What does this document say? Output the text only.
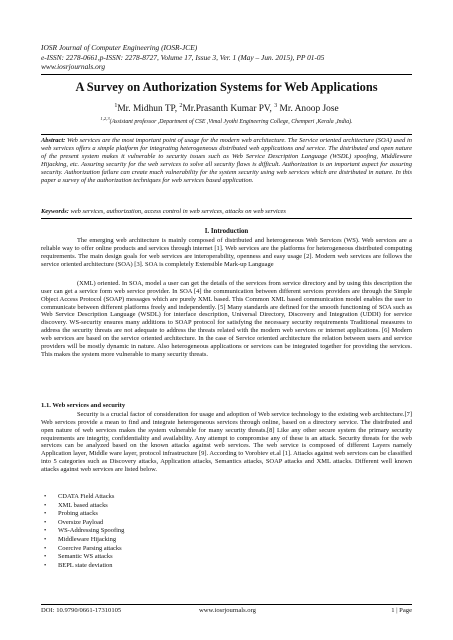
IOSR Journal of Computer Engineering (IOSR-JCE)
e-ISSN: 2278-0661,p-ISSN: 2278-8727, Volume 17, Issue 3, Ver. 1 (May – Jun. 2015), PP 01-05
www.iosrjournals.org
A Survey on Authorization Systems for Web Applications
$^1$Mr. Midhun TP, $^2$Mr.Prasanth Kumar PV, $^3$ Mr. Anoop Jose
$^{1,2,3}$(Assistant professor ,Department of CSE ,Vimal Jyothi Engineering College, Chemperi ,Kerala ,India).
Abstract: Web services are the most important point of usage for the modern web architecture. The Service oriented architecture (SOA) used in web services offers a simple platform for integrating heterogeneous distributed web applications and service. The distributed and open nature of the present system makes it vulnerable to security issues such as Web Service Description Language (WSDL) spoofing, Middleware Hijacking, etc. Assuring security for the web services to solve all security flaws is difficult. Authorization is an important aspect for assuring security. Authorization failure can create much vulnerability for the system security using web services which are distributed in nature. In this paper a survey of the authorization techniques for web services based application.
Keywords: web services, authorization, access control in web services, attacks on web services
I. Introduction
The emerging web architecture is mainly composed of distributed and heterogeneous Web Services (WS). Web services are a reliable way to offer online products and services through internet [1]. Web services are the platforms for heterogeneous distributed computing requirements. The main design goals for web services are interoperability, openness and easy usage [2]. Modern web services are follows the service oriented architecture (SOA) [3]. SOA is completely Extensible Mark-up Language
(XML) oriented. In SOA, model a user can get the details of the services from service directory and by using this description the user can get a service form web service provider. In SOA [4] the communication between different services providers are through the Simple Object Access Protocol (SOAP) messages which are purely XML based. This Common XML based communication model enables the user to communicate between different platforms freely and independently. [5] Many standards are defined for the smooth functioning of SOA such as Web Service Description Language (WSDL) for interface description, Universal Directory, Discovery and Integration (UDDI) for service discovery. WS-security ensures many additions to SOAP protocol for satisfying the necessary security requirements Traditional measures to address the security threats are not adequate to address the threats related with the modern web services or internet applications. [6] Modern web services are based on the service oriented architecture. In the case of Service oriented architecture the relation between users and service providers will be mostly dynamic in nature. Also heterogeneous applications or services can be integrated together for providing the services. This makes the system more vulnerable to many security threats.
1.1. Web services and security
Security is a crucial factor of consideration for usage and adoption of Web service technology to the existing web architecture.[7] Web services provide a mean to find and integrate heterogeneous services through online, based on a directory service. The distributed and open nature of web services makes the system vulnerable for many security threats.[8] Like any other secure system the primary security requirements are integrity, confidentiality and availability. Any attempt to compromise any of these is an attack. Security threats for the web services can be analyzed based on the known attacks against web services. The web service is composed of different Layers namely Application layer, Middle ware layer, protocol infrastructure [9]. According to Vorobiev et.al [1]. Attacks against web services can be classified into 5 categories such as Discovery attacks, Application attacks, Semantics attacks, SOAP attacks and XML attacks. Different well known attacks against web services are listed below.
• CDATA Field Attacks
• XML based attacks
• Probing attacks
• Oversize Payload
• WS-Addressing Spoofing
• Middleware Hijacking
• Coercive Parsing attacks
• Semantic WS attacks
• BEPL state deviation
DOI: 10.9790/0661-17310105	www.iosrjournals.org	1 | Page
